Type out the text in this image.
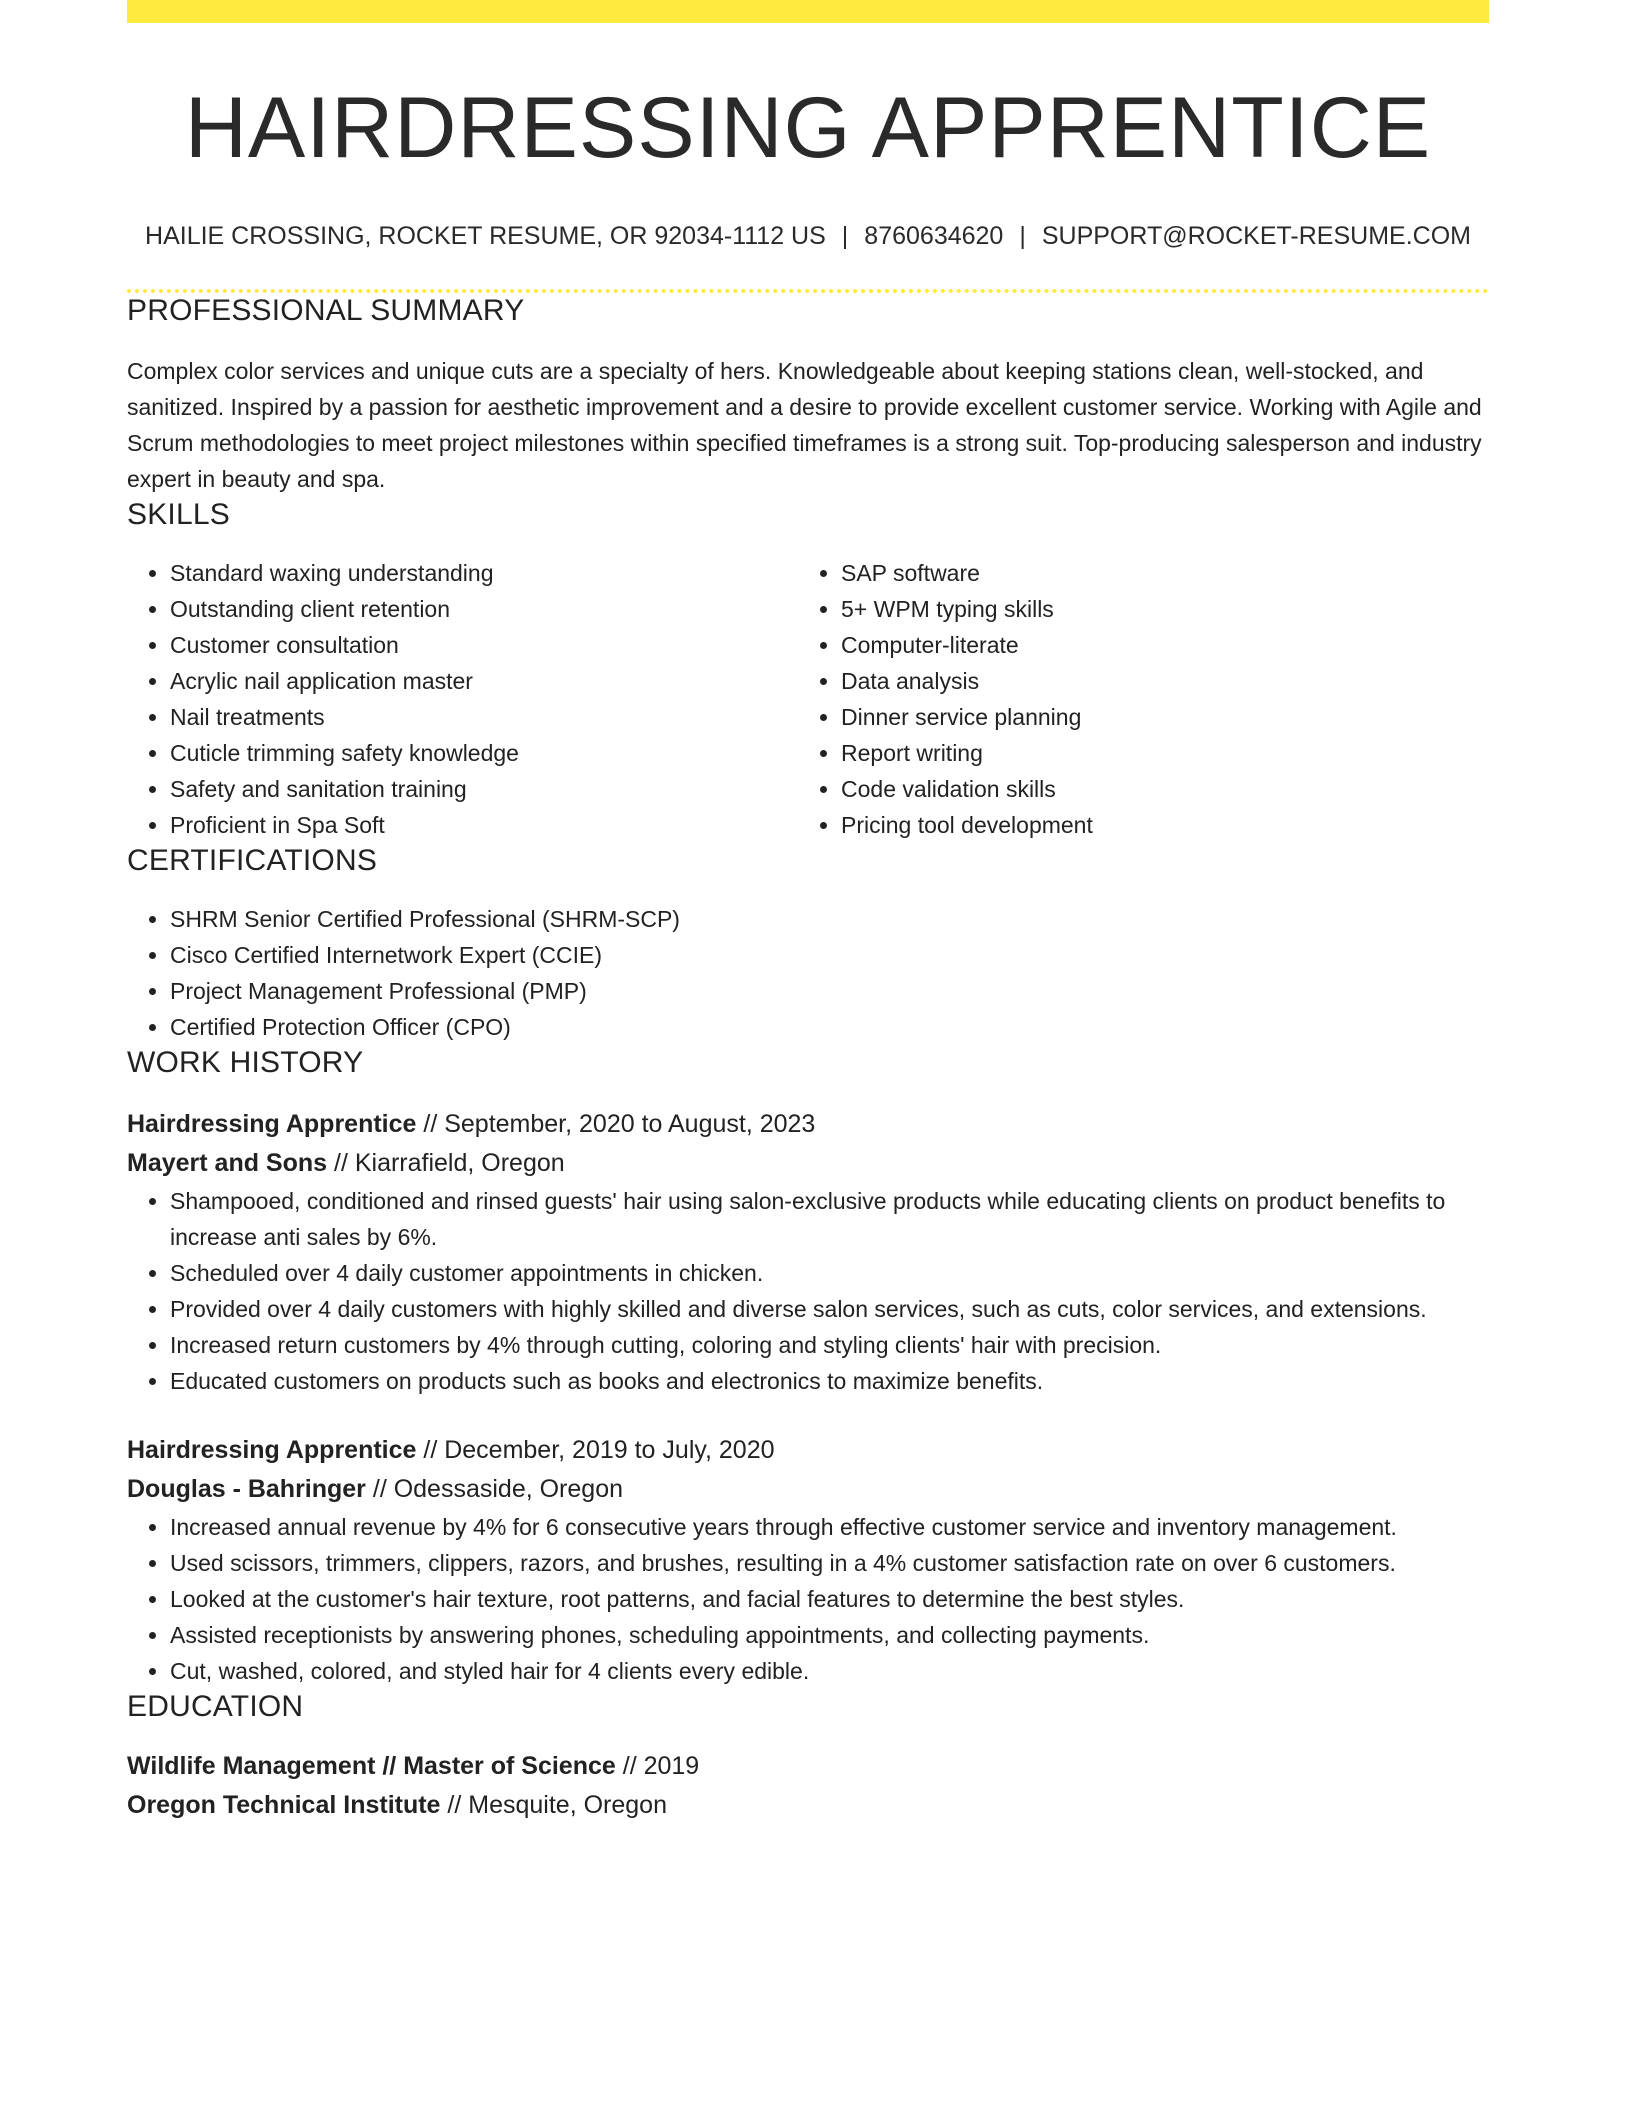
HAIRDRESSING APPRENTICE
HAILIE CROSSING, ROCKET RESUME, OR 92034-1112 US | 8760634620 | SUPPORT@ROCKET-RESUME.COM
PROFESSIONAL SUMMARY
Complex color services and unique cuts are a specialty of hers. Knowledgeable about keeping stations clean, well-stocked, and sanitized. Inspired by a passion for aesthetic improvement and a desire to provide excellent customer service. Working with Agile and Scrum methodologies to meet project milestones within specified timeframes is a strong suit. Top-producing salesperson and industry expert in beauty and spa.
SKILLS
• Standard waxing understanding
• Outstanding client retention
• Customer consultation
• Acrylic nail application master
• Nail treatments
• Cuticle trimming safety knowledge
• Safety and sanitation training
• Proficient in Spa Soft
• SAP software
• 5+ WPM typing skills
• Computer-literate
• Data analysis
• Dinner service planning
• Report writing
• Code validation skills
• Pricing tool development
CERTIFICATIONS
• SHRM Senior Certified Professional (SHRM-SCP)
• Cisco Certified Internetwork Expert (CCIE)
• Project Management Professional (PMP)
• Certified Protection Officer (CPO)
WORK HISTORY
Hairdressing Apprentice // September, 2020 to August, 2023
Mayert and Sons // Kiarrafield, Oregon
• Shampooed, conditioned and rinsed guests' hair using salon-exclusive products while educating clients on product benefits to increase anti sales by 6%.
• Scheduled over 4 daily customer appointments in chicken.
• Provided over 4 daily customers with highly skilled and diverse salon services, such as cuts, color services, and extensions.
• Increased return customers by 4% through cutting, coloring and styling clients' hair with precision.
• Educated customers on products such as books and electronics to maximize benefits.
Hairdressing Apprentice // December, 2019 to July, 2020
Douglas - Bahringer // Odessaside, Oregon
• Increased annual revenue by 4% for 6 consecutive years through effective customer service and inventory management.
• Used scissors, trimmers, clippers, razors, and brushes, resulting in a 4% customer satisfaction rate on over 6 customers.
• Looked at the customer's hair texture, root patterns, and facial features to determine the best styles.
• Assisted receptionists by answering phones, scheduling appointments, and collecting payments.
• Cut, washed, colored, and styled hair for 4 clients every edible.
EDUCATION
Wildlife Management // Master of Science // 2019
Oregon Technical Institute // Mesquite, Oregon
